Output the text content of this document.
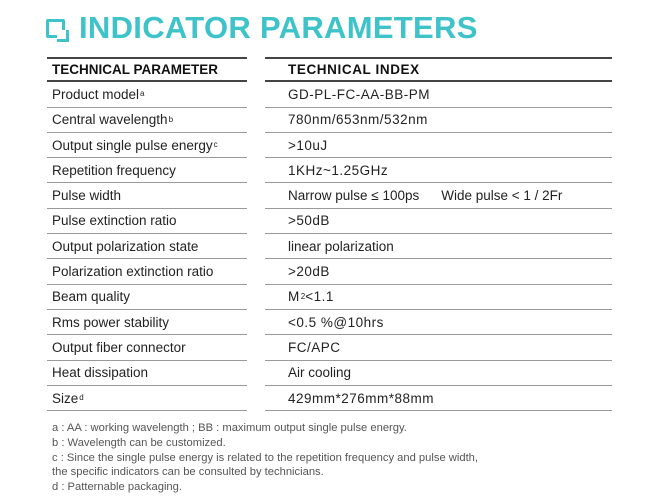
INDICATOR PARAMETERS
TECHNICAL PARAMETER	TECHNICAL INDEX
Product model a	GD-PL-FC-AA-BB-PM
Central wavelength b	780nm/653nm/532nm
Output single pulse energy c	>10uJ
Repetition frequency	1KHz~1.25GHz
Pulse width	Narrow pulse ≤ 100ps Wide pulse < 1 / 2Fr
Pulse extinction ratio	>50dB
Output polarization state	linear polarization
Polarization extinction ratio	>20dB
Beam quality	M 2 <1.1
Rms power stability	<0.5 %@10hrs
Output fiber connector	FC/APC
Heat dissipation	Air cooling
Size d	429mm*276mm*88mm
a : AA : working wavelength ; BB : maximum output single pulse energy.
b : Wavelength can be customized.
c : Since the single pulse energy is related to the repetition frequency and pulse width,
the specific indicators can be consulted by technicians.
d : Patternable packaging.
